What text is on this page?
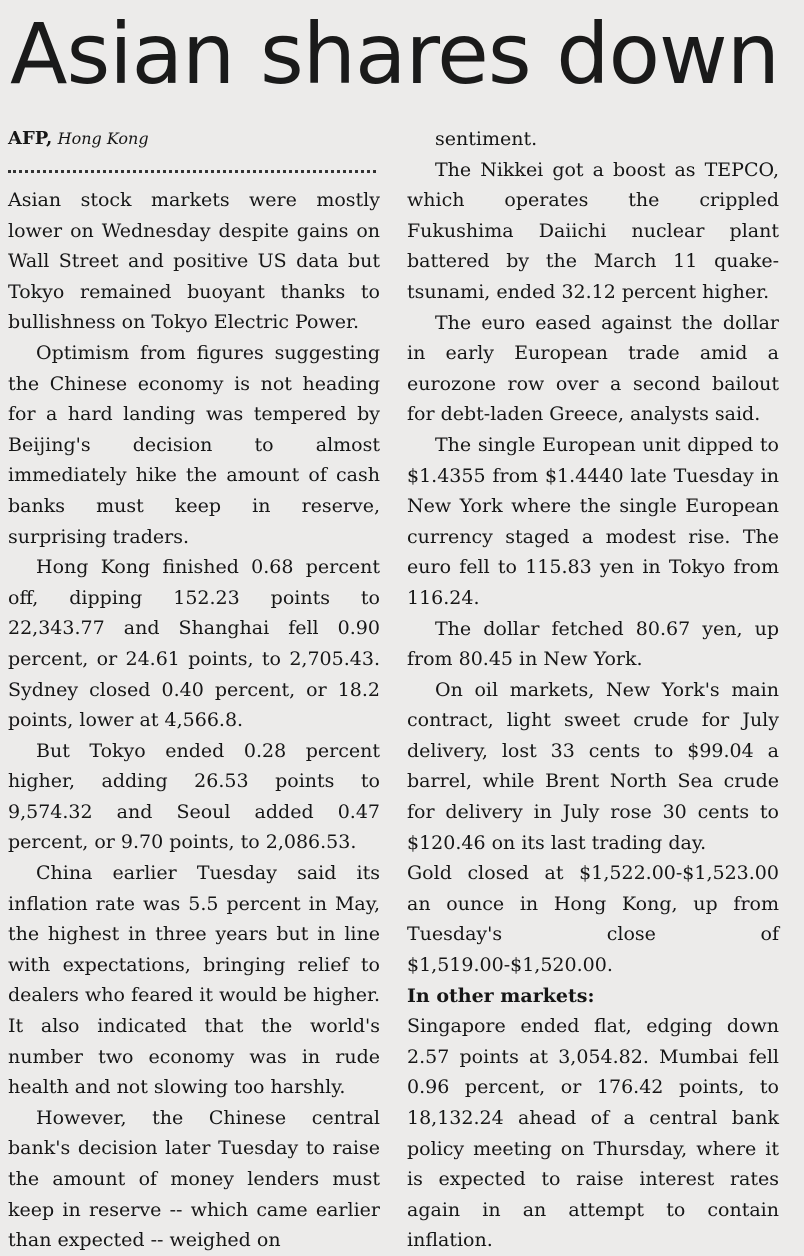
Asian shares down
AFP, Hong Kong

Asian stock markets were mostly lower on Wednesday despite gains on Wall Street and positive US data but Tokyo remained buoyant thanks to bullishness on Tokyo Electric Power.

Optimism from figures suggesting the Chinese economy is not heading for a hard landing was tempered by Beijing's decision to almost immediately hike the amount of cash banks must keep in reserve, surprising traders.

Hong Kong finished 0.68 percent off, dipping 152.23 points to 22,343.77 and Shanghai fell 0.90 percent, or 24.61 points, to 2,705.43. Sydney closed 0.40 percent, or 18.2 points, lower at 4,566.8.

But Tokyo ended 0.28 percent higher, adding 26.53 points to 9,574.32 and Seoul added 0.47 percent, or 9.70 points, to 2,086.53.

China earlier Tuesday said its inflation rate was 5.5 percent in May, the highest in three years but in line with expectations, bringing relief to dealers who feared it would be higher. It also indicated that the world's number two economy was in rude health and not slowing too harshly.

However, the Chinese central bank's decision later Tuesday to raise the amount of money lenders must keep in reserve -- which came earlier than expected -- weighed on

sentiment.

The Nikkei got a boost as TEPCO, which operates the crippled Fukushima Daiichi nuclear plant battered by the March 11 quake-tsunami, ended 32.12 percent higher.

The euro eased against the dollar in early European trade amid a eurozone row over a second bailout for debt-laden Greece, analysts said.

The single European unit dipped to $1.4355 from $1.4440 late Tuesday in New York where the single European currency staged a modest rise. The euro fell to 115.83 yen in Tokyo from 116.24.

The dollar fetched 80.67 yen, up from 80.45 in New York.

On oil markets, New York's main contract, light sweet crude for July delivery, lost 33 cents to $99.04 a barrel, while Brent North Sea crude for delivery in July rose 30 cents to $120.46 on its last trading day.

Gold closed at $1,522.00-$1,523.00 an ounce in Hong Kong, up from Tuesday's close of $1,519.00-$1,520.00.

In other markets:

Singapore ended flat, edging down 2.57 points at 3,054.82. Mumbai fell 0.96 percent, or 176.42 points, to 18,132.24 ahead of a central bank policy meeting on Thursday, where it is expected to raise interest rates again in an attempt to contain inflation.
